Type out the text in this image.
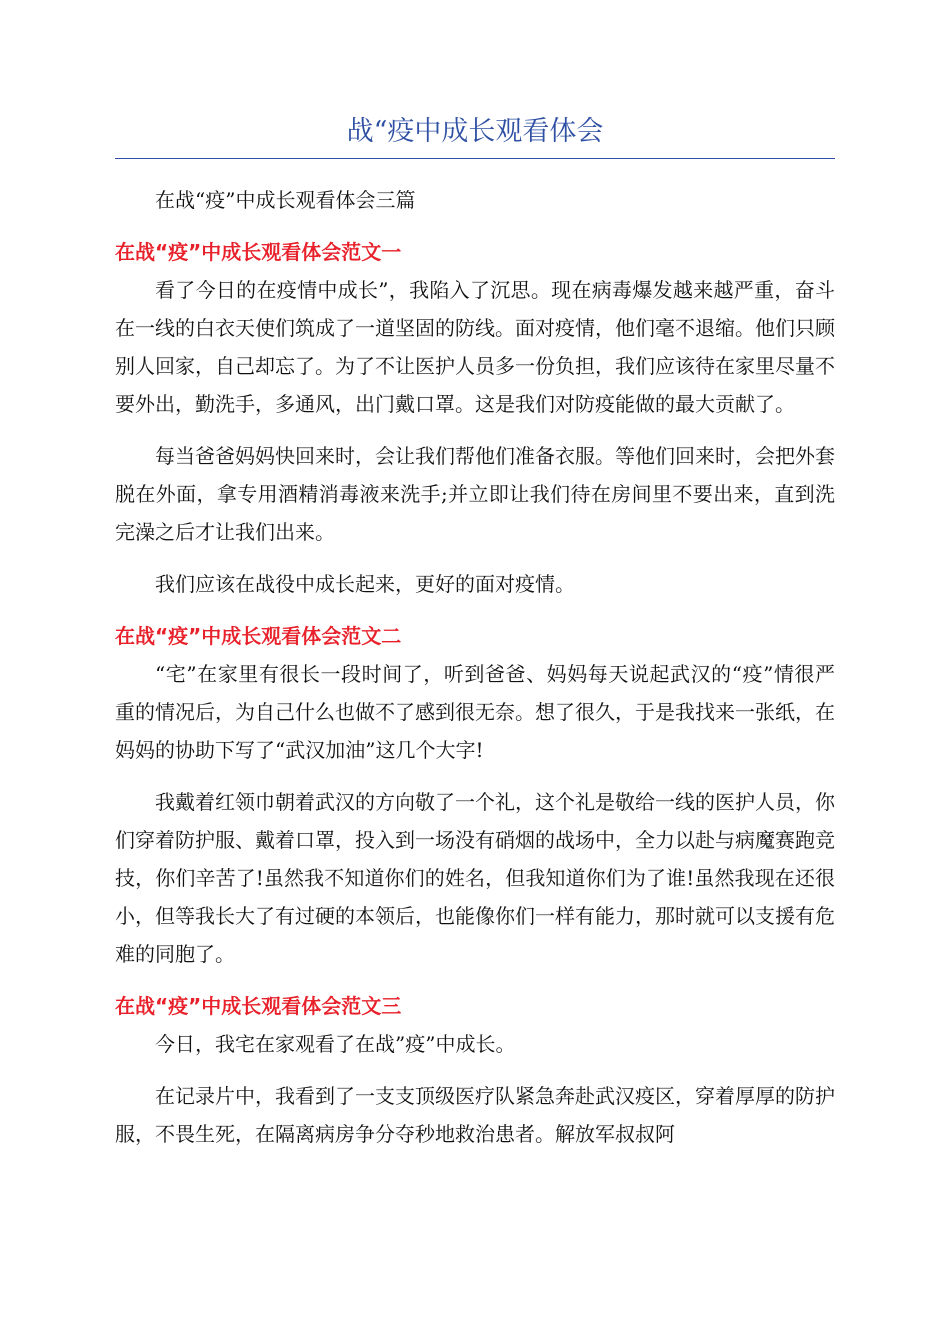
战“疫中成长观看体会

在战“疫”中成长观看体会三篇

在战“疫”中成长观看体会范文一

看了今日的在疫情中成长”，我陷入了沉思。现在病毒爆发越来越严重，奋斗在一线的白衣天使们筑成了一道坚固的防线。面对疫情，他们毫不退缩。他们只顾别人回家，自己却忘了。为了不让医护人员多一份负担，我们应该待在家里尽量不要外出，勤洗手，多通风，出门戴口罩。这是我们对防疫能做的最大贡献了。

每当爸爸妈妈快回来时，会让我们帮他们准备衣服。等他们回来时，会把外套脱在外面，拿专用酒精消毒液来洗手;并立即让我们待在房间里不要出来，直到洗完澡之后才让我们出来。

我们应该在战役中成长起来，更好的面对疫情。

在战“疫”中成长观看体会范文二

“宅”在家里有很长一段时间了，听到爸爸、妈妈每天说起武汉的“疫”情很严重的情况后，为自己什么也做不了感到很无奈。想了很久，于是我找来一张纸，在妈妈的协助下写了“武汉加油”这几个大字!

我戴着红领巾朝着武汉的方向敬了一个礼，这个礼是敬给一线的医护人员，你们穿着防护服、戴着口罩，投入到一场没有硝烟的战场中，全力以赴与病魔赛跑竞技，你们辛苦了!虽然我不知道你们的姓名，但我知道你们为了谁!虽然我现在还很小，但等我长大了有过硬的本领后，也能像你们一样有能力，那时就可以支援有危难的同胞了。

在战“疫”中成长观看体会范文三

今日，我宅在家观看了在战”疫”中成长。

在记录片中，我看到了一支支顶级医疗队紧急奔赴武汉疫区，穿着厚厚的防护服，不畏生死，在隔离病房争分夺秒地救治患者。解放军叔叔阿
